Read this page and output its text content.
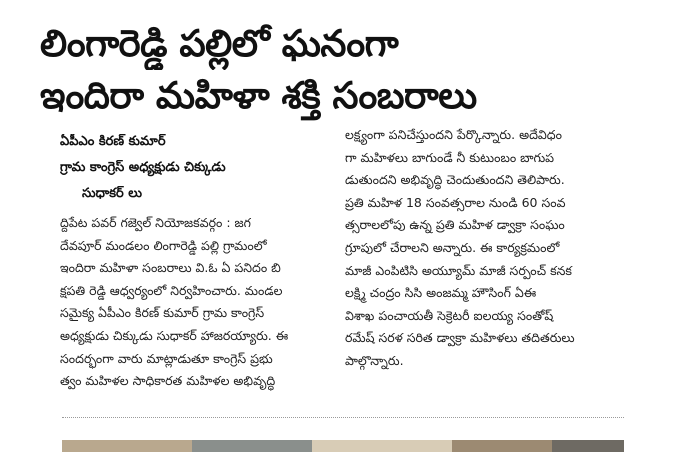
లింగారెడ్డి పల్లిలో ఘనంగా
ఇందిరా మహిళా శక్తి సంబరాలు
ఏపీఎం కిరణ్ కుమార్
గ్రామ కాంగ్రెస్ అధ్యక్షుడు చిక్కుడు
సుధాకర్ లు
ద్దిపేట పవర్ గజ్వెల్ నియోజకవర్గం : జగ
దేవపూర్ మండలం లింగారెడ్డి పల్లి గ్రామంలో
ఇందిరా మహిళా సంబరాలు వి.ఓ ఏ పనిదం బి
క్షపతి రెడ్డి ఆధ్వర్యంలో నిర్వహించారు. మండల
సమైక్య ఏపీఎం కిరణ్ కుమార్ గ్రామ కాంగ్రెస్
అధ్యక్షుడు చిక్కుడు సుధాకర్ హాజరయ్యారు. ఈ
సందర్భంగా వారు మాట్లాడుతూ కాంగ్రెస్ ప్రభు
త్వం మహిళల సాధికారత మహిళల అభివృద్ధి
లక్ష్యంగా పనిచేస్తుందని పేర్కొన్నారు. అదేవిధం
గా మహిళలు బాగుండే నీ కుటుంబం బాగుప
డుతుందని అభివృద్ధి చెందుతుందని తెలిపారు.
ప్రతి మహిళ 18 సంవత్సరాల నుండి 60 సంవ
త్సరాలలోపు ఉన్న ప్రతి మహిళ డ్వాక్రా సంఘం
గ్రూపులో చేరాలని అన్నారు. ఈ కార్యక్రమంలో
మాజీ ఎంపిటిసి అయ్యూమ్ మాజీ సర్పంచ్ కనక
లక్ష్మి చంద్రం సిసి అంజమ్మ హౌసింగ్ ఏఈ
విశాఖ పంచాయతీ సెక్రెటరీ ఐలయ్య సంతోష్
రమేష్ సరళ సరిత డ్వాక్రా మహిళలు తదితరులు
పాల్గొన్నారు.
